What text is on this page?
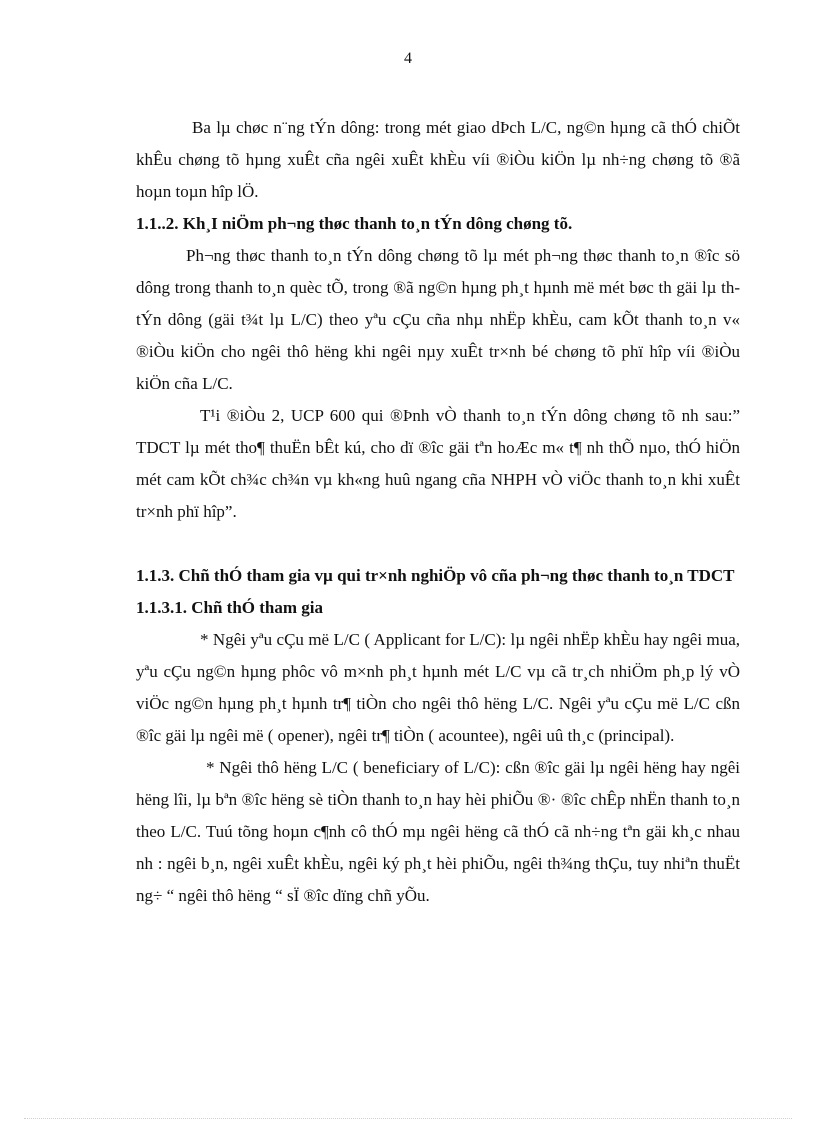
4

Ba lµ chøc n¨ng tÝn dông: trong mét giao dÞch L/C, ng©n hµng cã thÓ chiÕt khÊu chøng tõ hµng xuÊt cña ngêi xuÊt khÈu víi ®iÒu kiÖn lµ nh÷ng chøng tõ ®ã hoµn toµn hîp lÖ.

1.1..2. Kh¸I niÖm ph¬ng thøc thanh to¸n tÝn dông chøng tõ.

Ph¬ng thøc thanh to¸n tÝn dông chøng tõ lµ mét ph¬ng thøc thanh to¸n ®îc sö dông trong thanh to¸n quèc tÕ, trong ®ã ng©n hµng ph¸t hµnh më mét bøc th gäi lµ th tÝn dông (gäi t¾t lµ L/C) theo yªu cÇu cña nhµ nhËp khÈu, cam kÕt thanh to¸n v« ®iÒu kiÖn cho ngêi thô hëng khi ngêi nµy xuÊt tr×nh bé chøng tõ phï hîp víi ®iÒu kiÖn cña L/C.

T¹i ®iÒu 2, UCP 600 qui ®Þnh vÒ thanh to¸n tÝn dông chøng tõ nh sau:” TDCT lµ mét tho¶ thuËn bÊt kú, cho dï ®îc gäi tªn hoÆc m« t¶ nh thÕ nµo, thÓ hiÖn mét cam kÕt ch¾c ch¾n vµ kh«ng huû ngang cña NHPH vÒ viÖc thanh to¸n khi xuÊt tr×nh phï hîp”.

1.1.3. Chñ thÓ tham gia vµ qui tr×nh nghiÖp vô cña ph¬ng thøc thanh to¸n TDCT

1.1.3.1. Chñ thÓ tham gia

* Ngêi yªu cÇu më L/C ( Applicant for L/C): lµ ngêi nhËp khÈu hay ngêi mua, yªu cÇu ng©n hµng phôc vô m×nh ph¸t hµnh mét L/C vµ cã tr¸ch nhiÖm ph¸p lý vÒ viÖc ng©n hµng ph¸t hµnh tr¶ tiÒn cho ngêi thô hëng L/C. Ngêi yªu cÇu më L/C cßn ®îc gäi lµ ngêi më ( opener), ngêi tr¶ tiÒn ( acountee), ngêi uû th¸c (principal).

* Ngêi thô hëng L/C ( beneficiary of L/C): cßn ®îc gäi lµ ngêi hëng hay ngêi hëng lîi, lµ bªn ®îc hëng sè tiÒn thanh to¸n hay hèi phiÕu ®· ®îc chÊp nhËn thanh to¸n theo L/C. Tuú tõng hoµn c¶nh cô thÓ mµ ngêi hëng cã thÓ cã nh÷ng tªn gäi kh¸c nhau nh : ngêi b¸n, ngêi xuÊt khÈu, ngêi ký ph¸t hèi phiÕu, ngêi th¾ng thÇu, tuy nhiªn thuËt ng÷ “ ngêi thô hëng “ sÏ ®îc dïng chñ yÕu.
